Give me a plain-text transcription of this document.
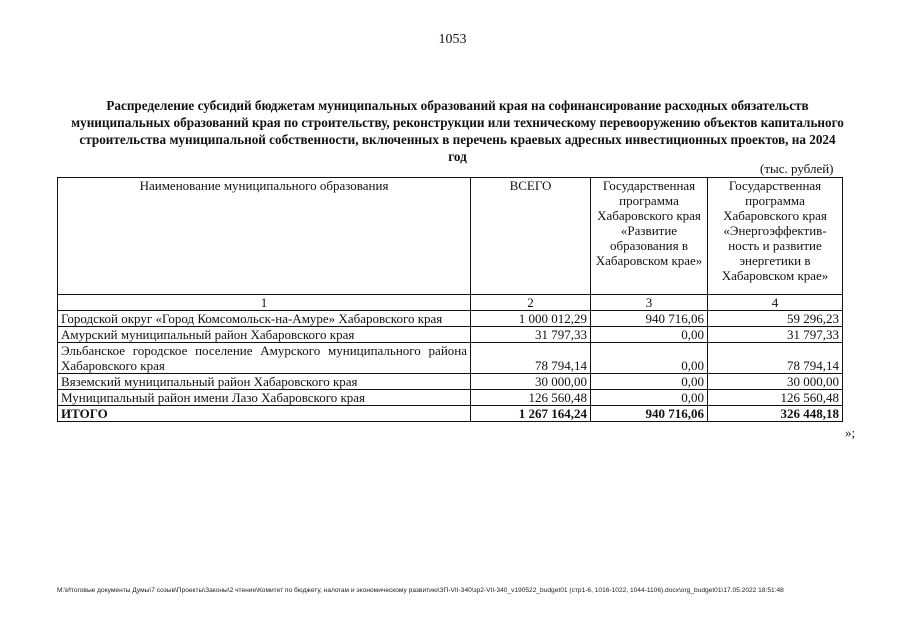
1053
Распределение субсидий бюджетам муниципальных образований края на софинансирование расходных обязательств муниципальных образований края по строительству, реконструкции или техническому перевооружению объектов капитального строительства муниципальной собственности, включенных в перечень краевых адресных инвестиционных проектов, на 2024 год
(тыс. рублей)
Наименование муниципального образования	ВСЕГО	Государственная программа Хабаровского края «Развитие образования в Хабаровском крае»	Государственная программа Хабаровского края «Энергоэффектив-ность и развитие энергетики в Хабаровском крае»
1	2	3	4
Городской округ «Город Комсомольск-на-Амуре» Хабаровского края	1 000 012,29	940 716,06	59 296,23
Амурский муниципальный район Хабаровского края	31 797,33	0,00	31 797,33
Эльбанское городское поселение Амурского муниципального района Хабаровского края	78 794,14	0,00	78 794,14
Вяземский муниципальный район Хабаровского края	30 000,00	0,00	30 000,00
Муниципальный район имени Лазо Хабаровского края	126 560,48	0,00	126 560,48
ИТОГО	1 267 164,24	940 716,06	326 448,18
»;
M:\Итоговые документы Думы\7 созыв\Проекты\Законы\2 чтение\Комитет по бюджету, налогам и экономическому развитию\ЗП-VII-340\зр2-VII-340_v190522_budget01 (стр1-6, 1016-1022, 1044-1106).docx\org_budget01\17.05.2022 18:51:48
